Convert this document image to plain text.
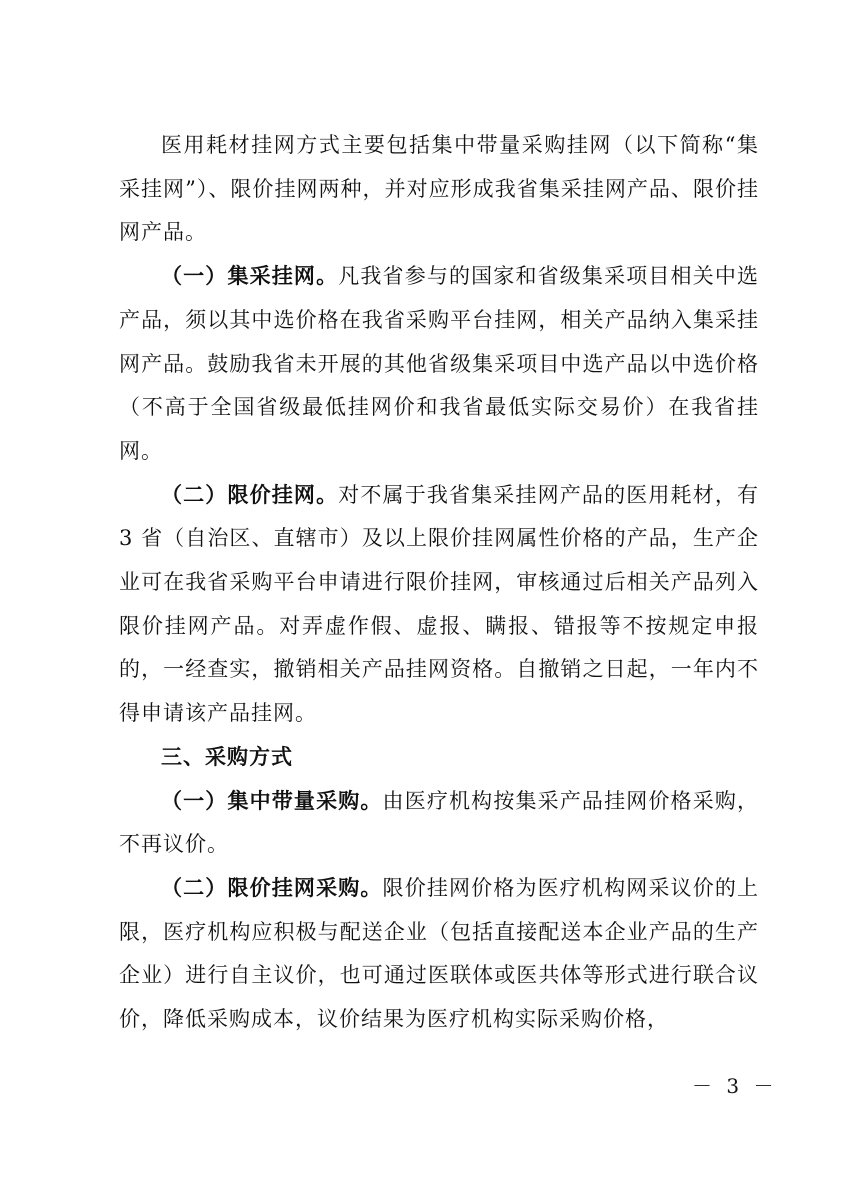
医用耗材挂网方式主要包括集中带量采购挂网（以下简称“集采挂网”）、限价挂网两种，并对应形成我省集采挂网产品、限价挂网产品。

（一）集采挂网。凡我省参与的国家和省级集采项目相关中选产品，须以其中选价格在我省采购平台挂网，相关产品纳入集采挂网产品。鼓励我省未开展的其他省级集采项目中选产品以中选价格（不高于全国省级最低挂网价和我省最低实际交易价）在我省挂网。

（二）限价挂网。对不属于我省集采挂网产品的医用耗材，有 3 省（自治区、直辖市）及以上限价挂网属性价格的产品，生产企业可在我省采购平台申请进行限价挂网，审核通过后相关产品列入限价挂网产品。对弄虚作假、虚报、瞒报、错报等不按规定申报的，一经查实，撤销相关产品挂网资格。自撤销之日起，一年内不得申请该产品挂网。

三、采购方式

（一）集中带量采购。由医疗机构按集采产品挂网价格采购，不再议价。

（二）限价挂网采购。限价挂网价格为医疗机构网采议价的上限，医疗机构应积极与配送企业（包括直接配送本企业产品的生产企业）进行自主议价，也可通过医联体或医共体等形式进行联合议价，降低采购成本，议价结果为医疗机构实际采购价格，

－ 3 －
